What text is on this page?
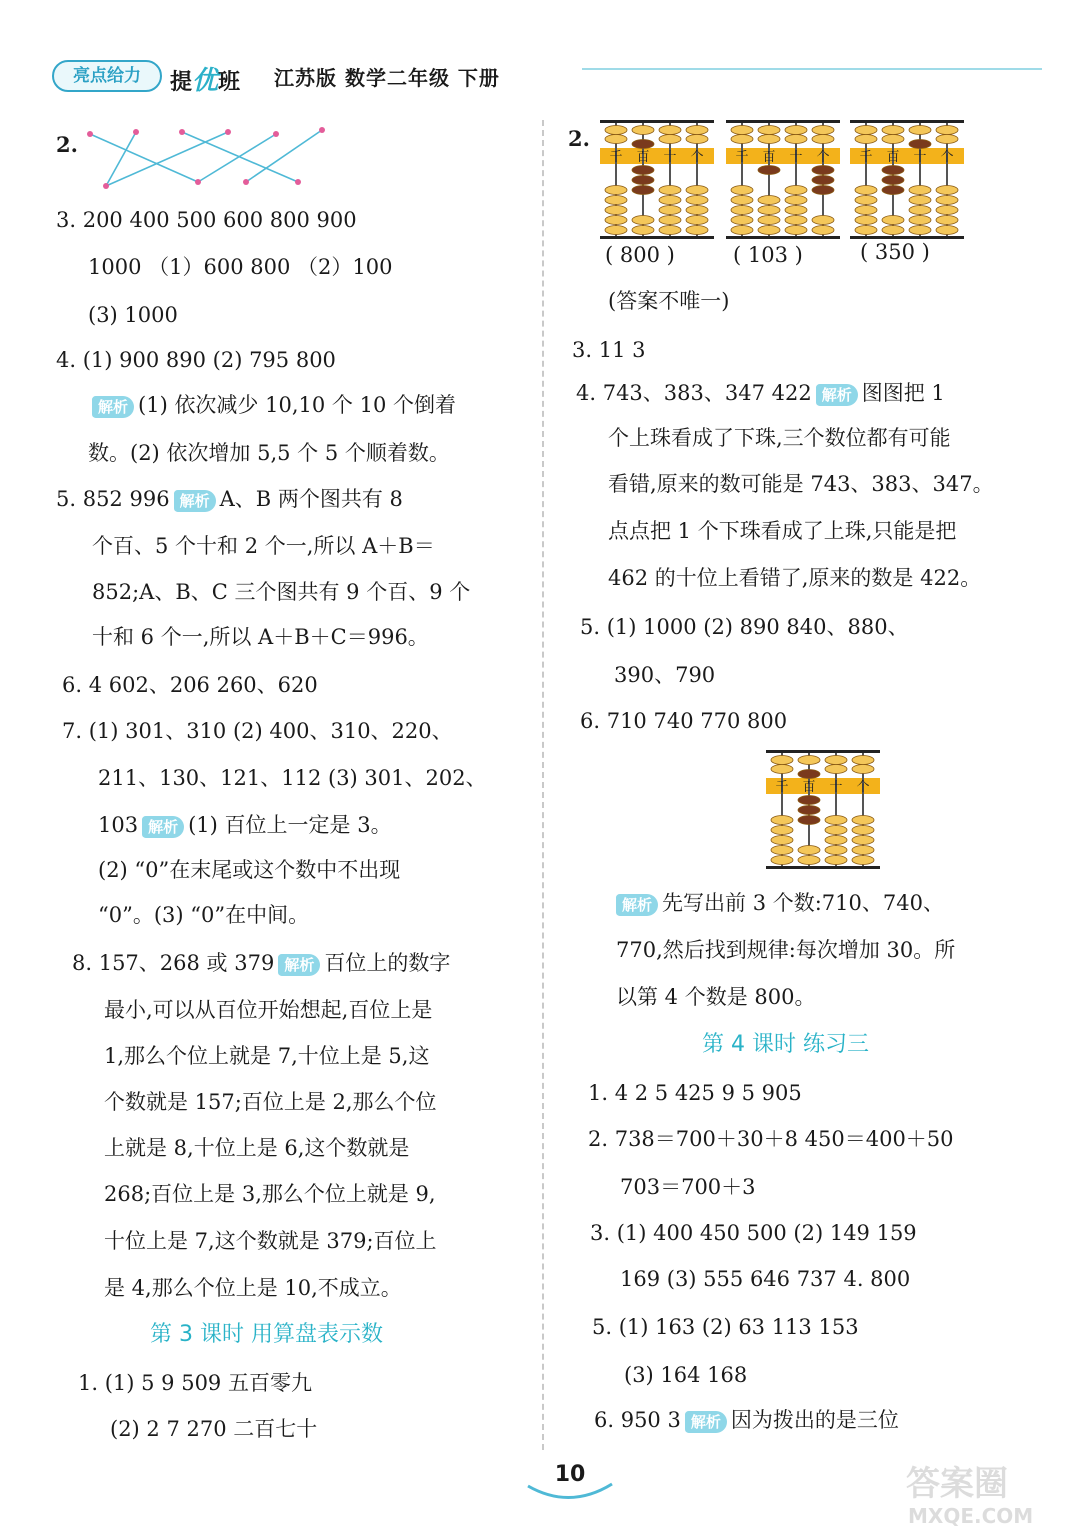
亮点给力	提优班 江苏版 数学二年级 下册
2.
3. 200 400 500 600 800 900
1000 （1）600 800 （2）100
(3) 1000
4. (1) 900 890 (2) 795 800
解析 (1) 依次减少 10,10 个 10 个倒着
数。(2) 依次增加 5,5 个 5 个顺着数。
5. 852 996 解析 A、B 两个图共有 8
个百、5 个十和 2 个一,所以 A＋B＝
852;A、B、C 三个图共有 9 个百、9 个
十和 6 个一,所以 A＋B＋C＝996。
6. 4 602、206 260、620
7. (1) 301、310 (2) 400、310、220、
211、130、121、112 (3) 301、202、
103 解析 (1) 百位上一定是 3。
(2) “0”在末尾或这个数中不出现
“0”。(3) “0”在中间。
8. 157、268 或 379 解析 百位上的数字
最小,可以从百位开始想起,百位上是
1,那么个位上就是 7,十位上是 5,这
个数就是 157;百位上是 2,那么个位
上就是 8,十位上是 6,这个数就是
268;百位上是 3,那么个位上就是 9,
十位上是 7,这个数就是 379;百位上
是 4,那么个位上是 10,不成立。
第 3 课时 用算盘表示数
1. (1) 5 9 509 五百零九
(2) 2 7 270 二百七十
2.
千 百 十 个 千 百 十 个 千 百 十 个
( 800 )	( 103 )	( 350 )
(答案不唯一)
3. 11 3
4. 743、383、347 422 解析 图图把 1
个上珠看成了下珠,三个数位都有可能
看错,原来的数可能是 743、383、347。
点点把 1 个下珠看成了上珠,只能是把
462 的十位上看错了,原来的数是 422。
5. (1) 1000 (2) 890 840、880、
390、790
6. 710 740 770 800
千 百 十 个
解析 先写出前 3 个数:710、740、
770,然后找到规律:每次增加 30。所
以第 4 个数是 800。
第 4 课时 练习三
1. 4 2 5 425 9 5 905
2. 738＝700＋30＋8 450＝400＋50
703＝700＋3
3. (1) 400 450 500 (2) 149 159
169 (3) 555 646 737 4. 800
5. (1) 163 (2) 63 113 153
(3) 164 168
6. 950 3 解析 因为拨出的是三位
10	答案圈
MXQE.COM
